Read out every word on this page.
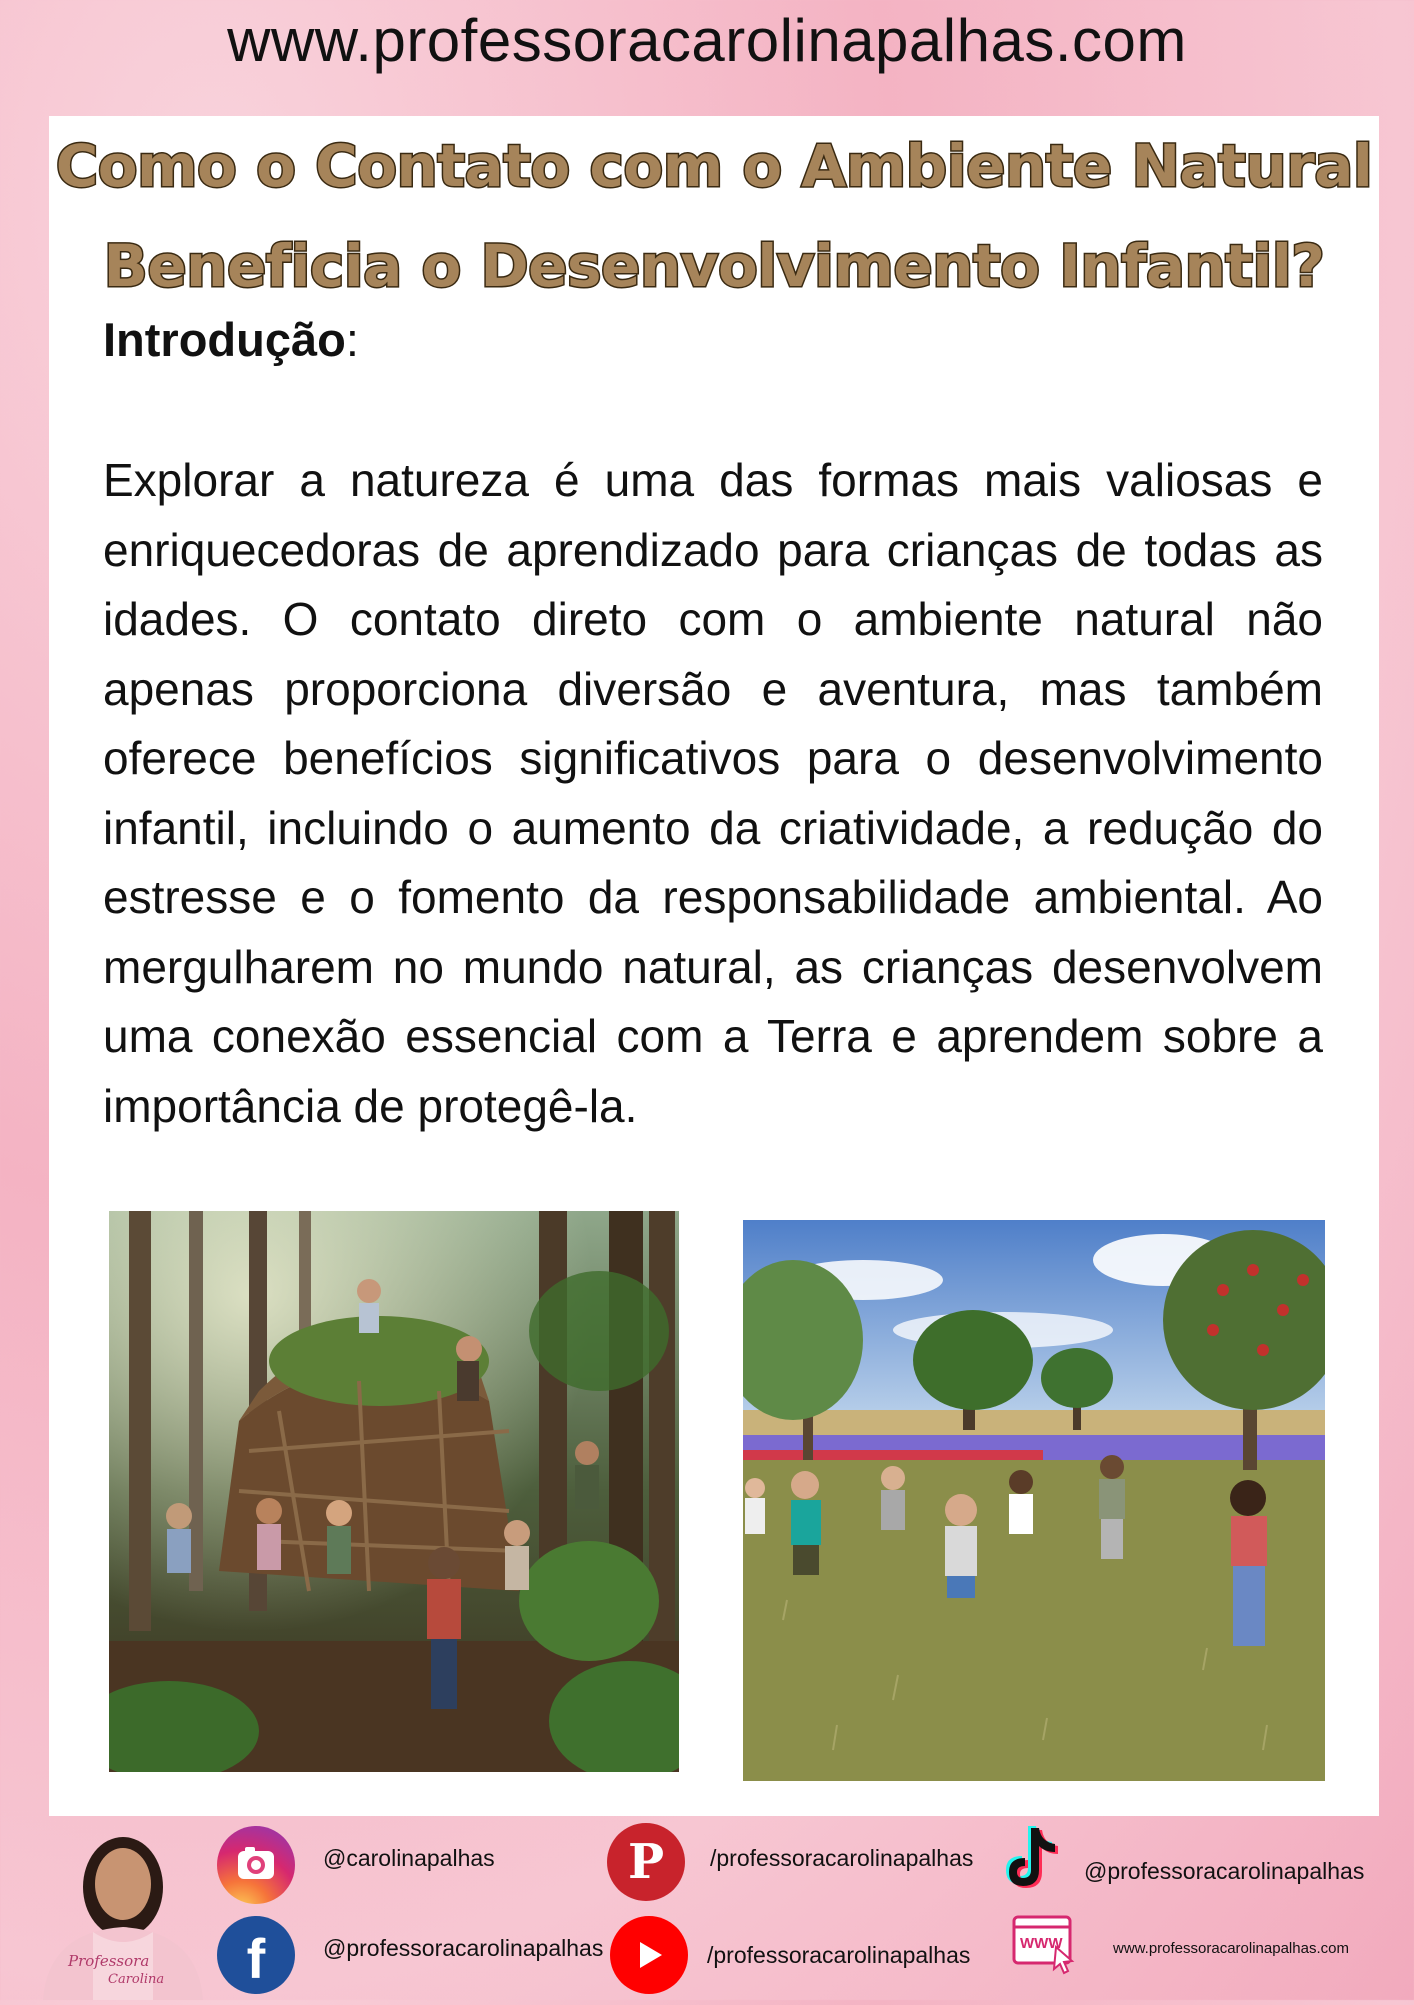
www.professoracarolinapalhas.com
Como o Contato com o Ambiente Natural
Beneficia o Desenvolvimento Infantil?
Introdução:

Explorar a natureza é uma das formas mais valiosas e enriquecedoras de aprendizado para crianças de todas as idades. O contato direto com o ambiente natural não apenas proporciona diversão e aventura, mas também oferece benefícios significativos para o desenvolvimento infantil, incluindo o aumento da criatividade, a redução do estresse e o fomento da responsabilidade ambiental. Ao mergulharem no mundo natural, as crianças desenvolvem uma conexão essencial com a Terra e aprendem sobre a importância de protegê-la.

Professora
Carolina
@carolinapalhas	P /professoracarolinapalhas	@professoracarolinapalhas
f	@professoracarolinapalhas	/professoracarolinapalhas	WWW	www.professoracarolinapalhas.com
